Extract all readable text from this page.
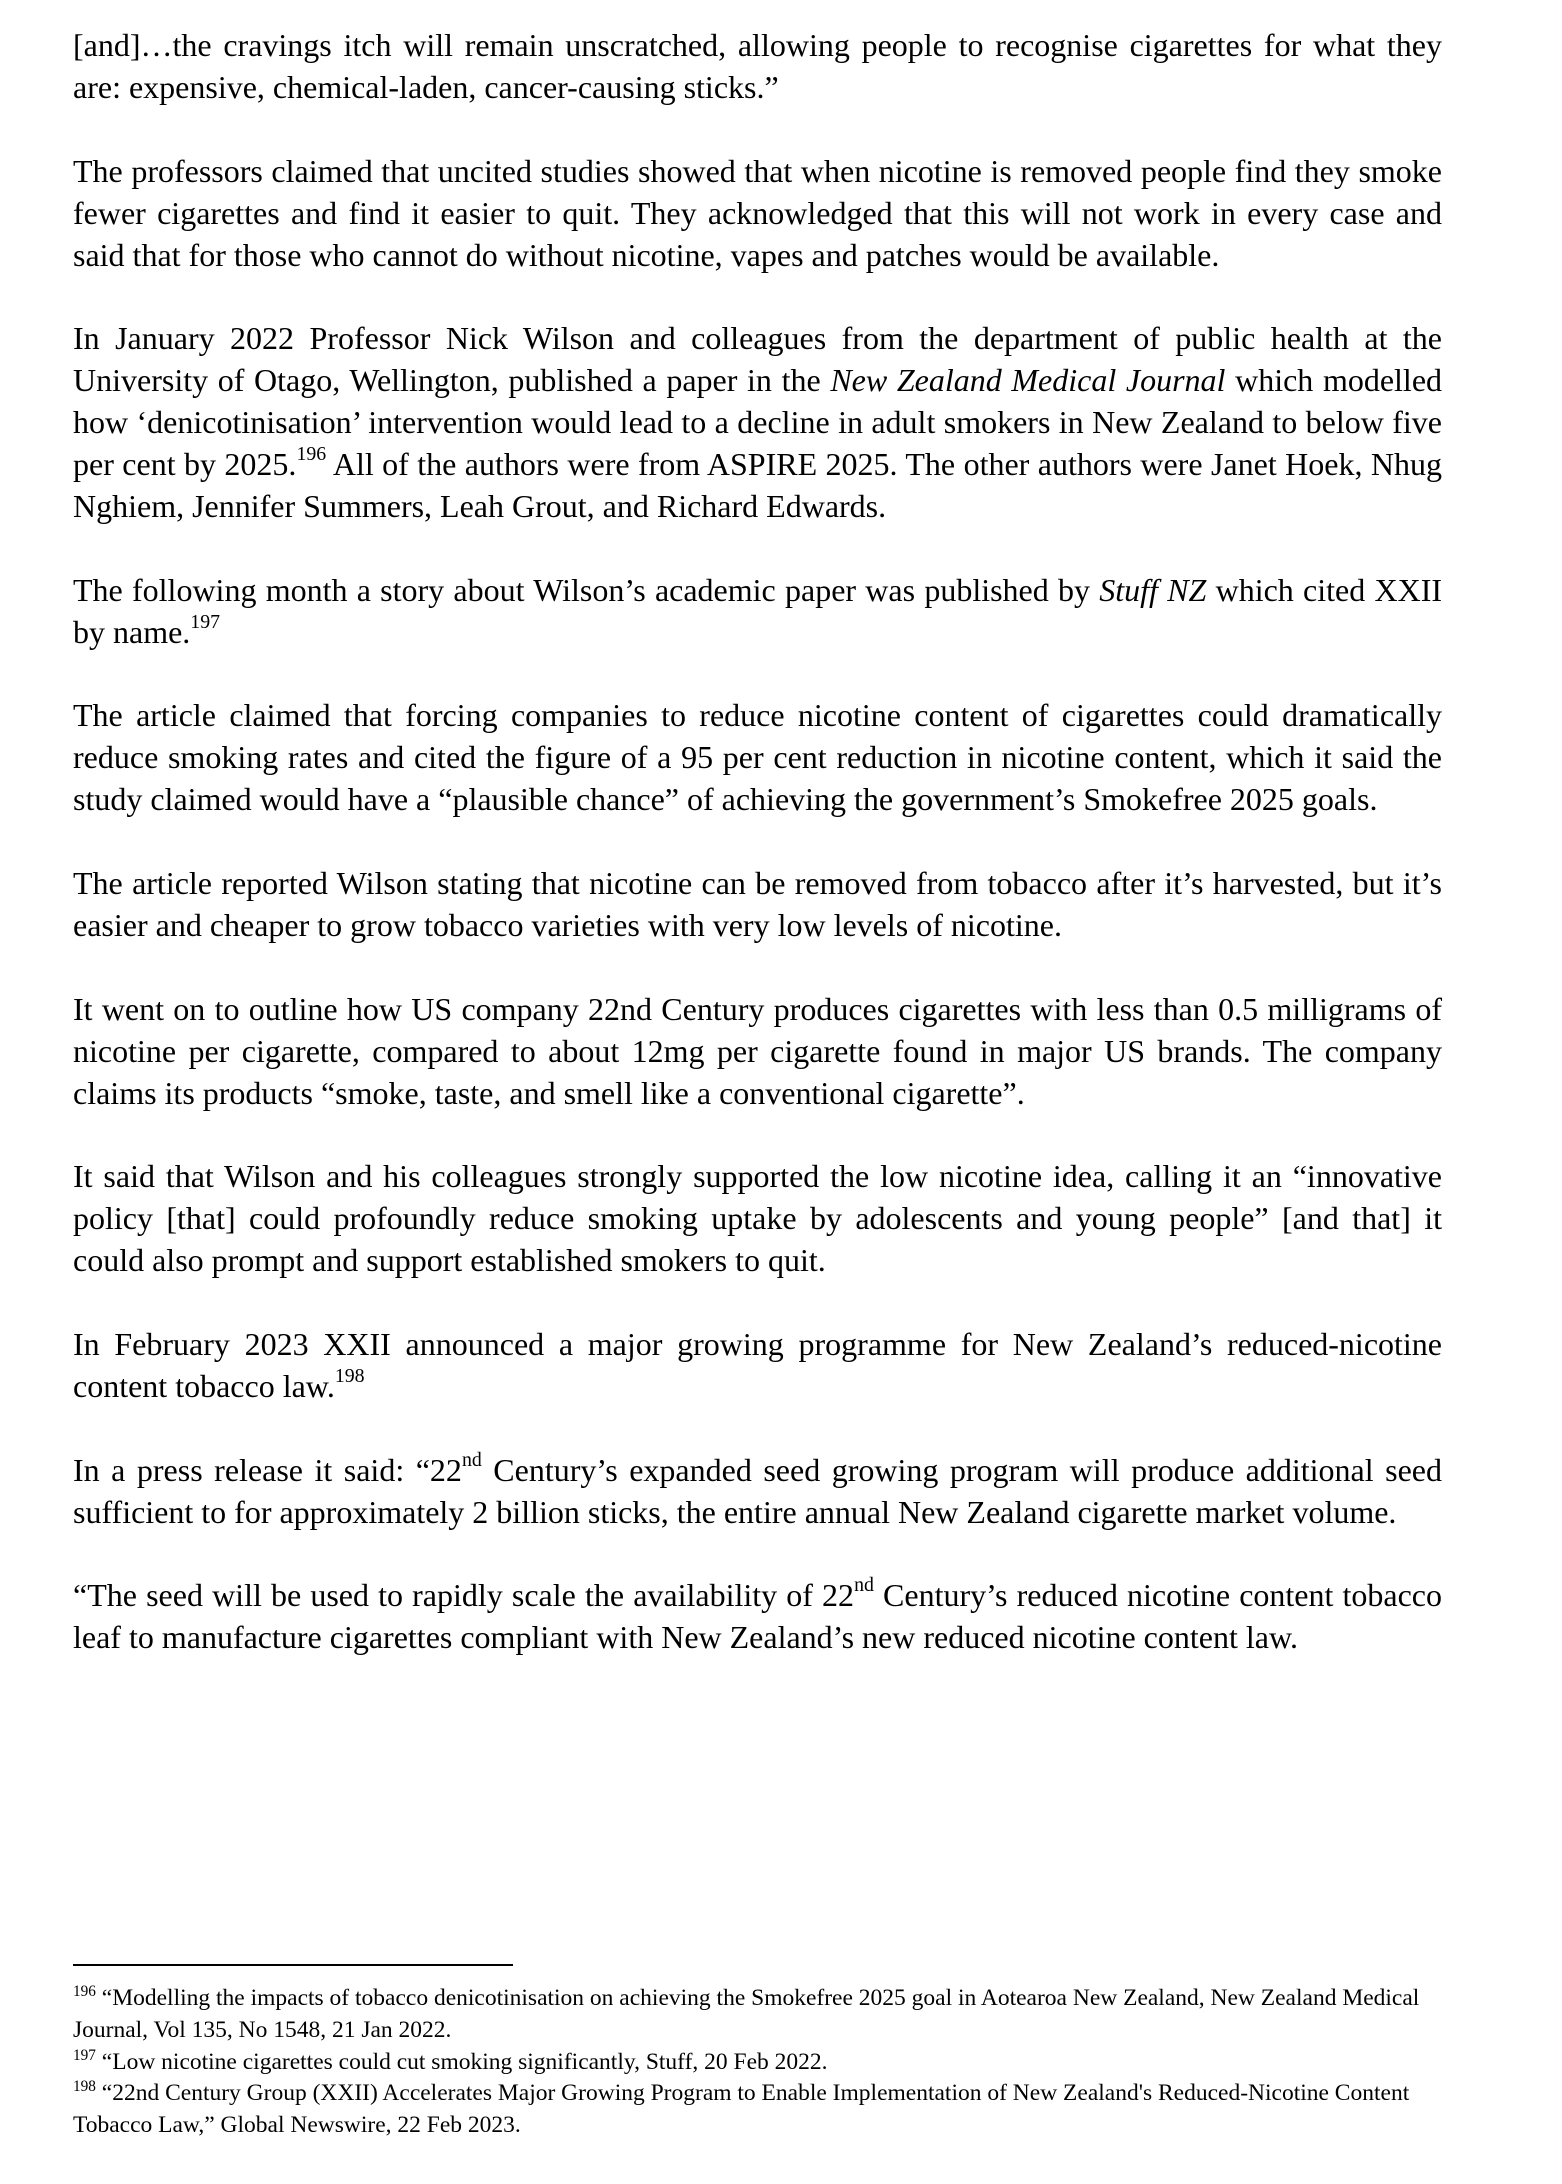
[and]…the cravings itch will remain unscratched, allowing people to recognise cigarettes for what they are: expensive, chemical-laden, cancer-causing sticks.”

The professors claimed that uncited studies showed that when nicotine is removed people find they smoke fewer cigarettes and find it easier to quit. They acknowledged that this will not work in every case and said that for those who cannot do without nicotine, vapes and patches would be available.

In January 2022 Professor Nick Wilson and colleagues from the department of public health at the University of Otago, Wellington, published a paper in the New Zealand Medical Journal which modelled how ‘denicotinisation’ intervention would lead to a decline in adult smokers in New Zealand to below five per cent by 2025.$^{196}$ All of the authors were from ASPIRE 2025. The other authors were Janet Hoek, Nhug Nghiem, Jennifer Summers, Leah Grout, and Richard Edwards.

The following month a story about Wilson’s academic paper was published by Stuff NZ which cited XXII by name.$^{197}$

The article claimed that forcing companies to reduce nicotine content of cigarettes could dramatically reduce smoking rates and cited the figure of a 95 per cent reduction in nicotine content, which it said the study claimed would have a “plausible chance” of achieving the government’s Smokefree 2025 goals.

The article reported Wilson stating that nicotine can be removed from tobacco after it’s harvested, but it’s easier and cheaper to grow tobacco varieties with very low levels of nicotine.

It went on to outline how US company 22nd Century produces cigarettes with less than 0.5 milligrams of nicotine per cigarette, compared to about 12mg per cigarette found in major US brands. The company claims its products “smoke, taste, and smell like a conventional cigarette”.

It said that Wilson and his colleagues strongly supported the low nicotine idea, calling it an “innovative policy [that] could profoundly reduce smoking uptake by adolescents and young people” [and that] it could also prompt and support established smokers to quit.

In February 2023 XXII announced a major growing programme for New Zealand’s reduced-nicotine content tobacco law.$^{198}$

In a press release it said: “22nd Century’s expanded seed growing program will produce additional seed sufficient to for approximately 2 billion sticks, the entire annual New Zealand cigarette market volume.

“The seed will be used to rapidly scale the availability of 22nd Century’s reduced nicotine content tobacco leaf to manufacture cigarettes compliant with New Zealand’s new reduced nicotine content law.

$^{196}$ “Modelling the impacts of tobacco denicotinisation on achieving the Smokefree 2025 goal in Aotearoa New Zealand, New Zealand Medical Journal, Vol 135, No 1548, 21 Jan 2022.
$^{197}$ “Low nicotine cigarettes could cut smoking significantly, Stuff, 20 Feb 2022.
$^{198}$ “22nd Century Group (XXII) Accelerates Major Growing Program to Enable Implementation of New Zealand's Reduced-Nicotine Content Tobacco Law,” Global Newswire, 22 Feb 2023.
